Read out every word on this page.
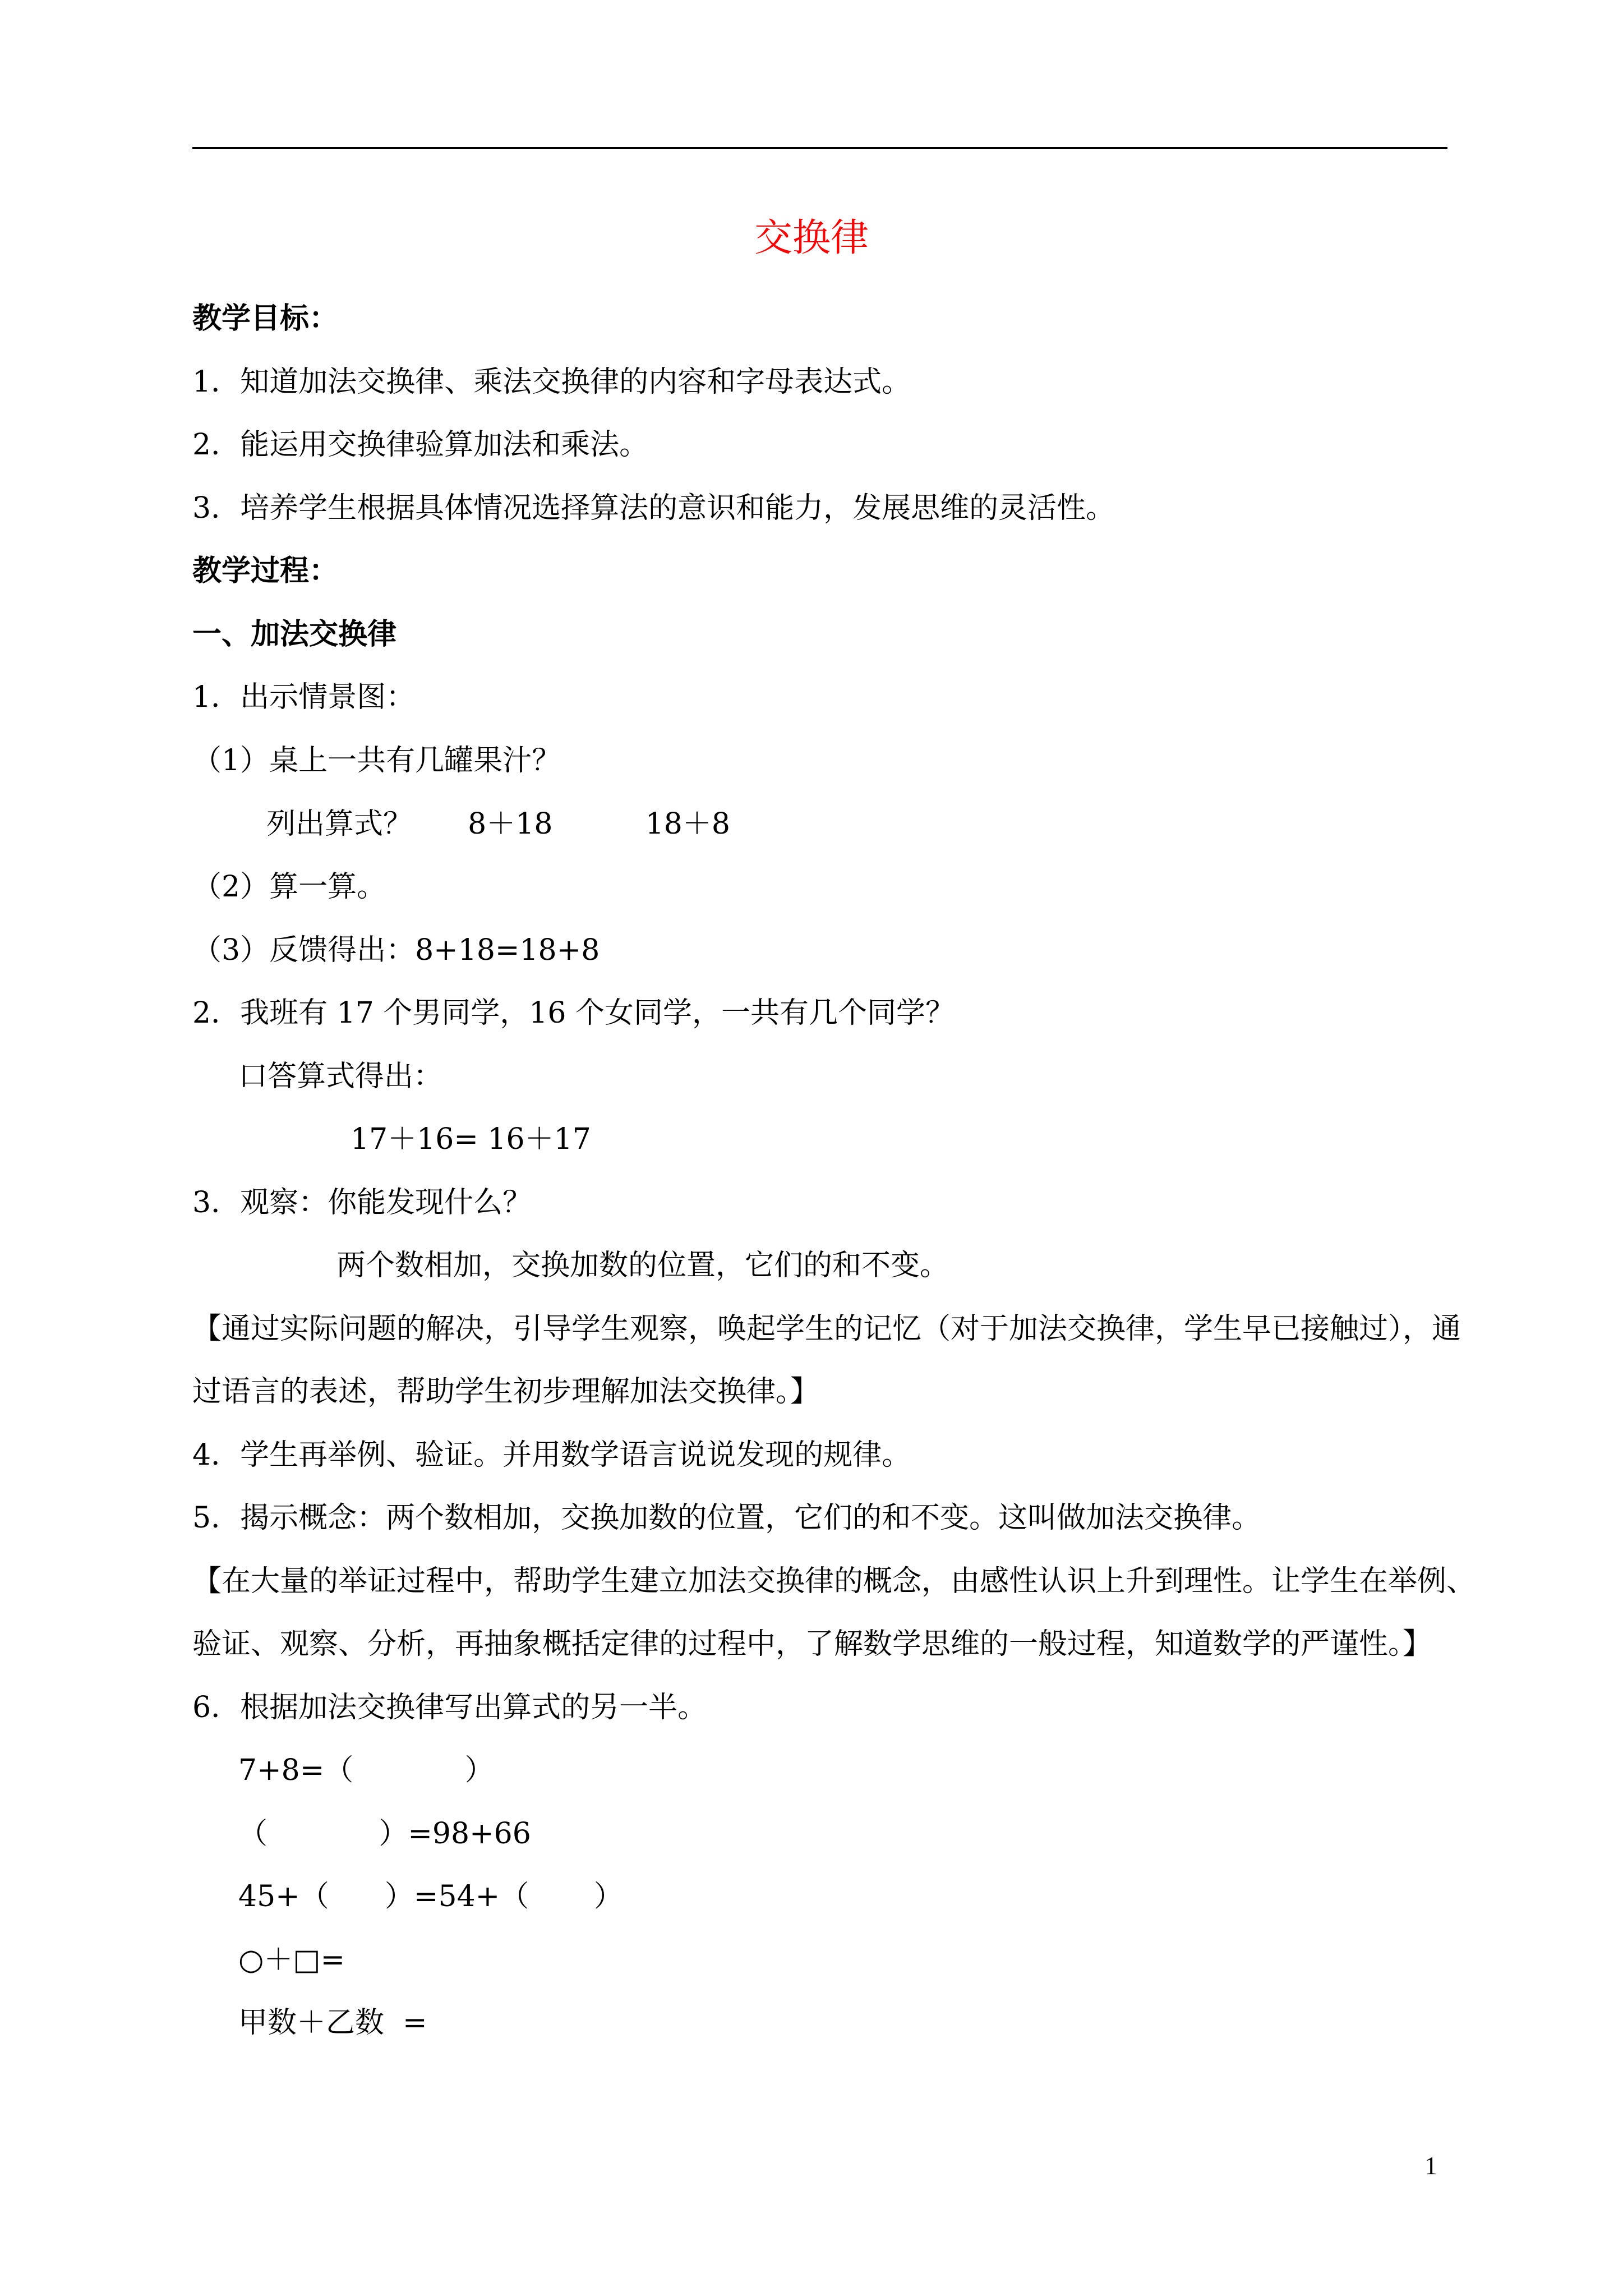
交换律
教学目标：
1．知道加法交换律、乘法交换律的内容和字母表达式。
2．能运用交换律验算加法和乘法。
3．培养学生根据具体情况选择算法的意识和能力，发展思维的灵活性。
教学过程：
一、加法交换律
1．出示情景图：
（1）桌上一共有几罐果汁？
列出算式？      8＋18          18＋8
（2）算一算。
（3）反馈得出：8+18=18+8
2．我班有 17 个男同学，16 个女同学，一共有几个同学？
口答算式得出：
17＋16= 16＋17
3．观察：你能发现什么？
两个数相加，交换加数的位置，它们的和不变。
【通过实际问题的解决，引导学生观察，唤起学生的记忆（对于加法交换律，学生早已接触过），通
过语言的表述，帮助学生初步理解加法交换律。】
4．学生再举例、验证。并用数学语言说说发现的规律。
5．揭示概念：两个数相加，交换加数的位置，它们的和不变。这叫做加法交换律。
【在大量的举证过程中，帮助学生建立加法交换律的概念，由感性认识上升到理性。让学生在举例、
验证、观察、分析，再抽象概括定律的过程中，了解数学思维的一般过程，知道数学的严谨性。】
6．根据加法交换律写出算式的另一半。
7+8=（            ）
（            ）=98+66
45+（      ）=54+（       ）
○＋□=
甲数＋乙数  =
1
